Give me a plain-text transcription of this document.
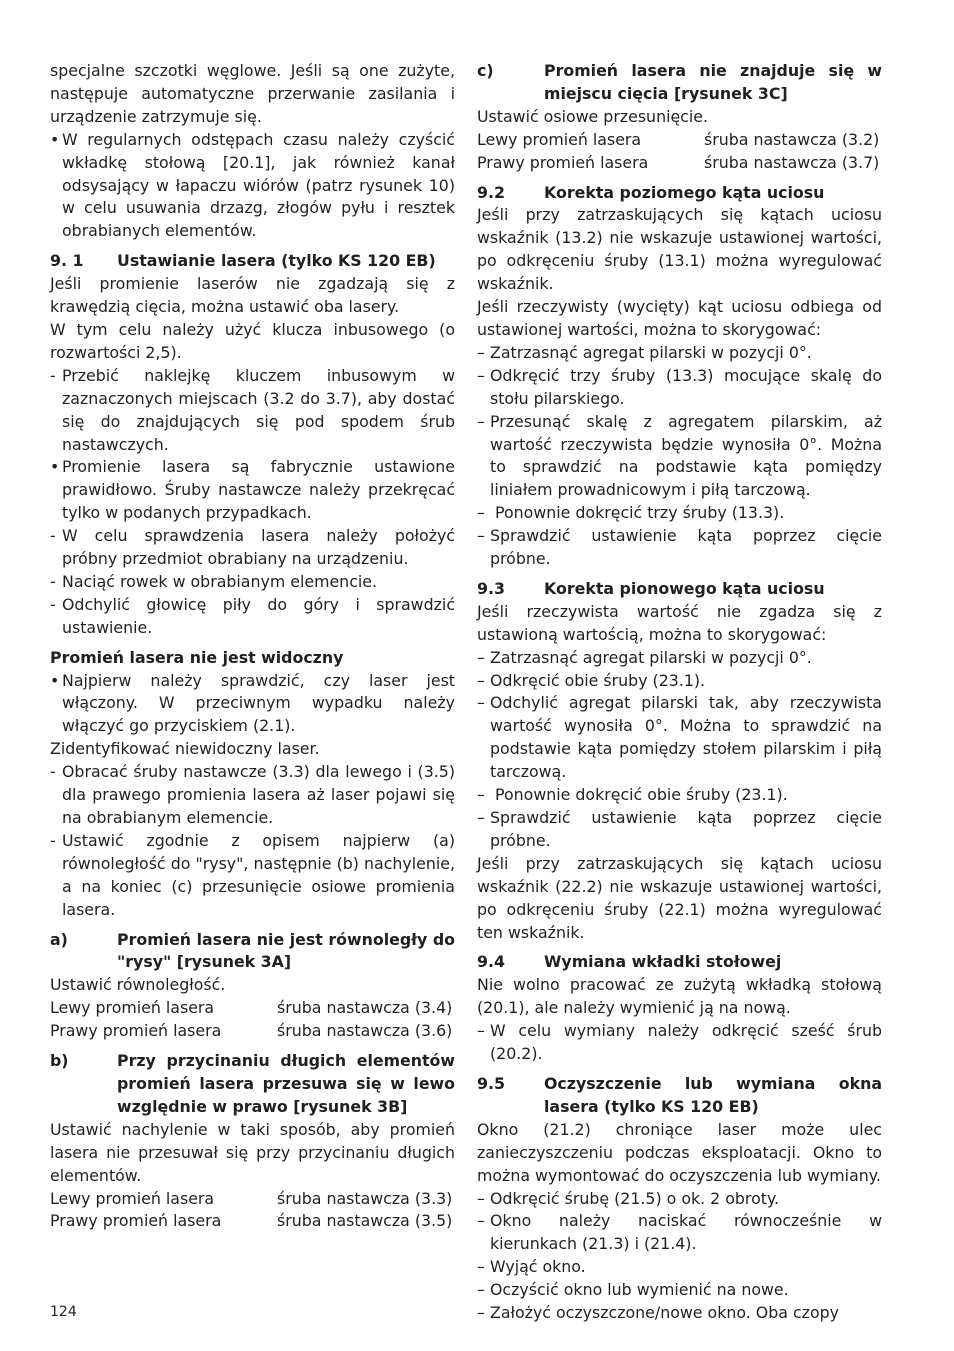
specjalne szczotki węglowe. Jeśli są one zużyte, następuje automatyczne przerwanie zasilania i urządzenie zatrzymuje się.
• W regularnych odstępach czasu należy czyścić wkładkę stołową [20.1], jak również kanał odsysający w łapaczu wiórów (patrz rysunek 10) w celu usuwania drzazg, złogów pyłu i resztek obrabianych elementów.
9. 1	Ustawianie lasera (tylko KS 120 EB)
Jeśli promienie laserów nie zgadzają się z krawędzią cięcia, można ustawić oba lasery.
W tym celu należy użyć klucza inbusowego (o rozwartości 2,5).
- Przebić naklejkę kluczem inbusowym w zaznaczonych miejscach (3.2 do 3.7), aby dostać się do znajdujących się pod spodem śrub nastawczych.
• Promienie lasera są fabrycznie ustawione prawidłowo. Śruby nastawcze należy przekręcać tylko w podanych przypadkach.
- W celu sprawdzenia lasera należy położyć próbny przedmiot obrabiany na urządzeniu.
- Naciąć rowek w obrabianym elemencie.
- Odchylić głowicę piły do góry i sprawdzić ustawienie.
Promień lasera nie jest widoczny
• Najpierw należy sprawdzić, czy laser jest włączony. W przeciwnym wypadku należy włączyć go przyciskiem (2.1).
Zidentyfikować niewidoczny laser.
- Obracać śruby nastawcze (3.3) dla lewego i (3.5) dla prawego promienia lasera aż laser pojawi się na obrabianym elemencie.
- Ustawić zgodnie z opisem najpierw (a) równoległość do "rysy", następnie (b) nachylenie, a na koniec (c) przesunięcie osiowe promienia lasera.
a)	Promień lasera nie jest równoległy do "rysy" [rysunek 3A]
Ustawić równoległość.
Lewy promień lasera	śruba nastawcza (3.4)
Prawy promień lasera	śruba nastawcza (3.6)
b)	Przy przycinaniu długich elementów promień lasera przesuwa się w lewo względnie w prawo [rysunek 3B]
Ustawić nachylenie w taki sposób, aby promień lasera nie przesuwał się przy przycinaniu długich elementów.
Lewy promień lasera	śruba nastawcza (3.3)
Prawy promień lasera	śruba nastawcza (3.5)
c)	Promień lasera nie znajduje się w miejscu cięcia [rysunek 3C]
Ustawić osiowe przesunięcie.
Lewy promień lasera	śruba nastawcza (3.2)
Prawy promień lasera	śruba nastawcza (3.7)
9.2	Korekta poziomego kąta uciosu
Jeśli przy zatrzaskujących się kątach uciosu wskaźnik (13.2) nie wskazuje ustawionej wartości, po odkręceniu śruby (13.1) można wyregulować wskaźnik.
Jeśli rzeczywisty (wycięty) kąt uciosu odbiega od ustawionej wartości, można to skorygować:
– Zatrzasnąć agregat pilarski w pozycji 0°.
– Odkręcić trzy śruby (13.3) mocujące skalę do stołu pilarskiego.
– Przesunąć skalę z agregatem pilarskim, aż wartość rzeczywista będzie wynosiła 0°. Można to sprawdzić na podstawie kąta pomiędzy liniałem prowadnicowym i piłą tarczową.
– Ponownie dokręcić trzy śruby (13.3).
– Sprawdzić ustawienie kąta poprzez cięcie próbne.
9.3	Korekta pionowego kąta uciosu
Jeśli rzeczywista wartość nie zgadza się z ustawioną wartością, można to skorygować:
– Zatrzasnąć agregat pilarski w pozycji 0°.
– Odkręcić obie śruby (23.1).
– Odchylić agregat pilarski tak, aby rzeczywista wartość wynosiła 0°. Można to sprawdzić na podstawie kąta pomiędzy stołem pilarskim i piłą tarczową.
– Ponownie dokręcić obie śruby (23.1).
– Sprawdzić ustawienie kąta poprzez cięcie próbne.
Jeśli przy zatrzaskujących się kątach uciosu wskaźnik (22.2) nie wskazuje ustawionej wartości, po odkręceniu śruby (22.1) można wyregulować ten wskaźnik.
9.4	Wymiana wkładki stołowej
Nie wolno pracować ze zużytą wkładką stołową (20.1), ale należy wymienić ją na nową.
– W celu wymiany należy odkręcić sześć śrub (20.2).
9.5	Oczyszczenie lub wymiana okna lasera (tylko KS 120 EB)
Okno (21.2) chroniące laser może ulec zanieczyszczeniu podczas eksploatacji. Okno to można wymontować do oczyszczenia lub wymiany.
– Odkręcić śrubę (21.5) o ok. 2 obroty.
– Okno należy naciskać równocześnie w kierunkach (21.3) i (21.4).
– Wyjąć okno.
– Oczyścić okno lub wymienić na nowe.
– Założyć oczyszczone/nowe okno. Oba czopy
124
